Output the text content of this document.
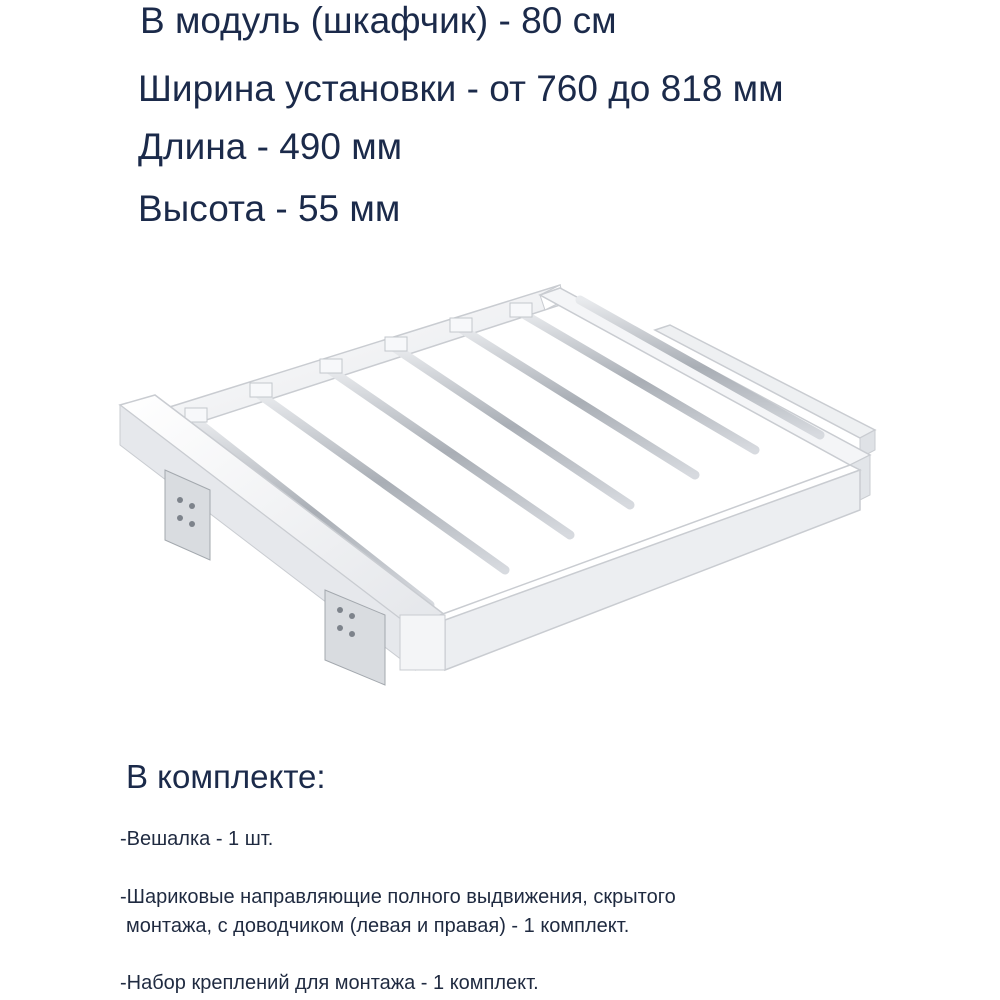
В модуль (шкафчик) - 80 см
Ширина установки - от 760 до 818 мм
Длина - 490 мм
Высота - 55 мм
В комплекте:
-Вешалка - 1 шт.
-Шариковые направляющие полного выдвижения, скрытого
монтажа, с доводчиком (левая и правая) - 1 комплект.
-Набор креплений для монтажа - 1 комплект.
